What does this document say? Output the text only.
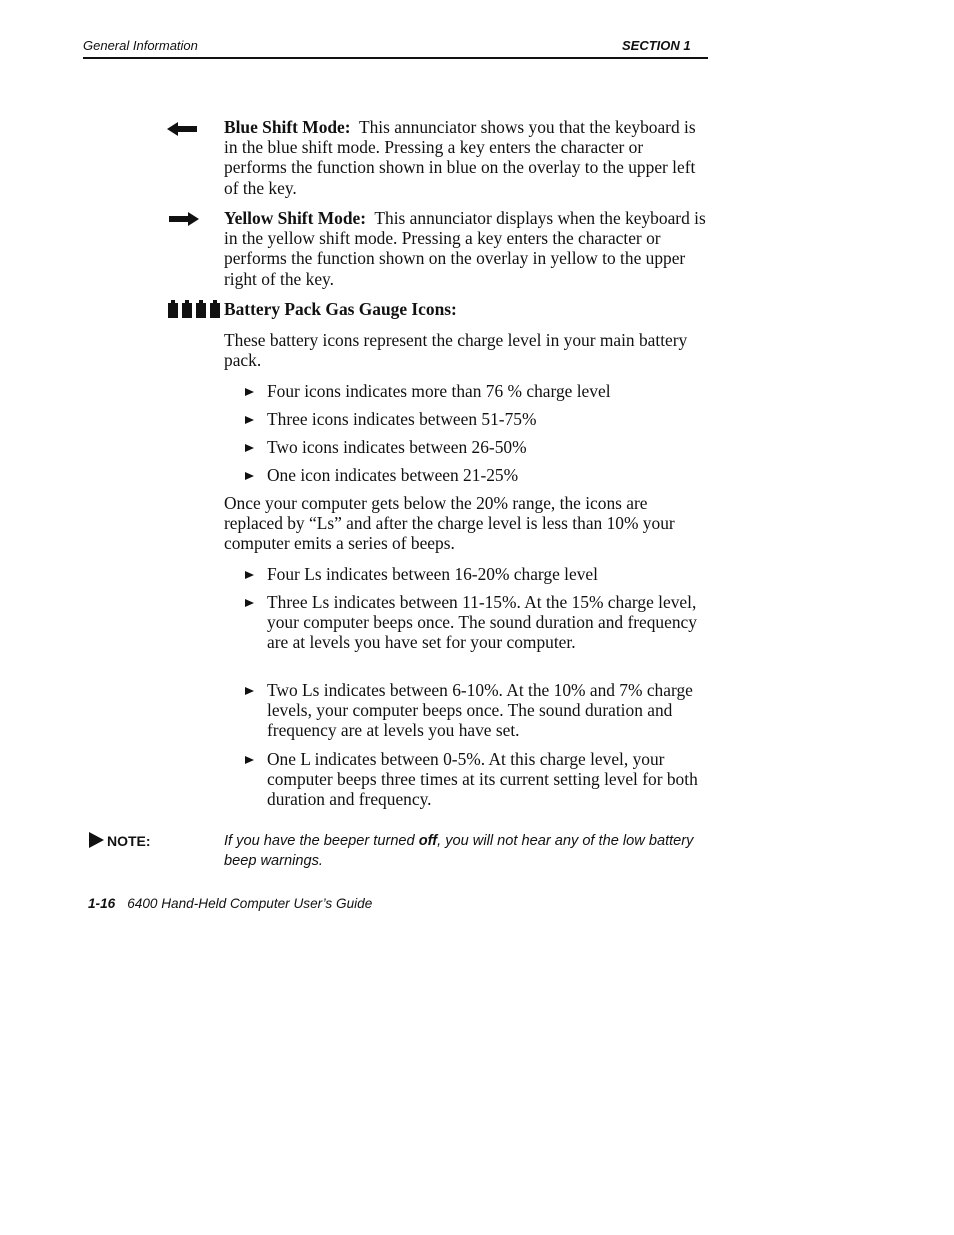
General Information	SECTION 1
Blue Shift Mode: This annunciator shows you that the keyboard is in the blue shift mode. Pressing a key enters the character or performs the function shown in blue on the overlay to the upper left of the key.
Yellow Shift Mode: This annunciator displays when the keyboard is in the yellow shift mode. Pressing a key enters the character or performs the function shown on the overlay in yellow to the upper right of the key.
Battery Pack Gas Gauge Icons:
These battery icons represent the charge level in your main battery pack.
Four icons indicates more than 76 % charge level
Three icons indicates between 51-75%
Two icons indicates between 26-50%
One icon indicates between 21-25%
Once your computer gets below the 20% range, the icons are replaced by “Ls” and after the charge level is less than 10% your computer emits a series of beeps.
Four Ls indicates between 16-20% charge level
Three Ls indicates between 11-15%. At the 15% charge level, your computer beeps once. The sound duration and frequency are at levels you have set for your computer.
Two Ls indicates between 6-10%. At the 10% and 7% charge levels, your computer beeps once. The sound duration and frequency are at levels you have set.
One L indicates between 0-5%. At this charge level, your computer beeps three times at its current setting level for both duration and frequency.
NOTE:	If you have the beeper turned off, you will not hear any of the low battery beep warnings.
1-16 6400 Hand-Held Computer User’s Guide
